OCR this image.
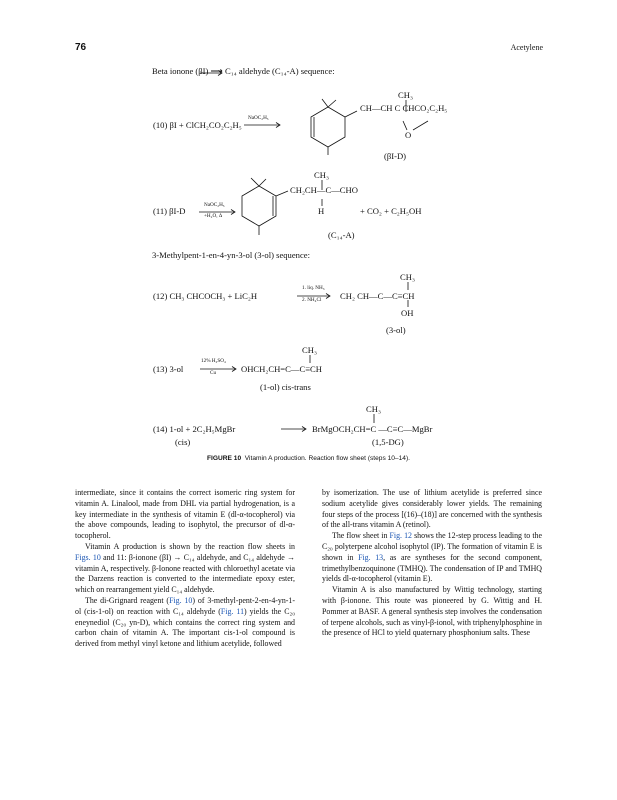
76	Acetylene
Beta ionone (βI) ⟶ C₁₄ aldehyde (C₁₄-A) sequence:
(10) βI + ClCH₂CO₂C₂H₅
NaOC₂H₅
CH₃
CH—CH C CHCO₂C₂H₅
O
(βI-D)
(11) βI-D
NaOC₂H₅
+H₂O, Δ
CH₃
CH₂CH—C—CHO
H	+ CO₂ + C₂H₅OH
(C₁₄-A)
3-Methylpent-1-en-4-yn-3-ol (3-ol) sequence:
(12) CH₃ CHCOCH₃ + LiC₂H
1. liq. NH₃
2. NH₄Cl
CH₃
CH₂ CH—C—C≡CH
OH
(3-ol)
(13) 3-ol
12% H₂SO₄
Cu
CH₃
OHCH₂CH=C—C≡CH
(1-ol) cis-trans
(14) 1-ol + 2C₂H₅MgBr
(cis)
CH₃
BrMgOCH₂CH=C —C≡C—MgBr
(1,5-DG)
FIGURE 10 Vitamin A production. Reaction flow sheet (steps 10–14).

intermediate, since it contains the correct isomeric ring system for vitamin A. Linalool, made from DHL via partial hydrogenation, is a key intermediate in the synthesis of vitamin E (dl-α-tocopherol) via the above compounds, leading to isophytol, the precursor of dl-α-tocopherol.

Vitamin A production is shown by the reaction flow sheets in Figs. 10 and 11: β-ionone (βI) → C₁₄ aldehyde, and C₁₄ aldehyde → vitamin A, respectively. β-Ionone reacted with chloroethyl acetate via the Darzens reaction is converted to the intermediate epoxy ester, which on rearrangement yield C₁₄ aldehyde.

The di-Grignard reagent (Fig. 10) of 3-methyl-pent-2-en-4-yn-1-ol (cis-1-ol) on reaction with C₁₄ aldehyde (Fig. 11) yields the C₂₀ eneynediol (C₂₀ yn-D), which contains the correct ring system and carbon chain of vitamin A. The important cis-1-ol compound is derived from methyl vinyl ketone and lithium acetylide, followed

by isomerization. The use of lithium acetylide is preferred since sodium acetylide gives considerably lower yields. The remaining four steps of the process [(16)–(18)] are concerned with the synthesis of the all-trans vitamin A (retinol).

The flow sheet in Fig. 12 shows the 12-step process leading to the C₂₀ polyterpene alcohol isophytol (IP). The formation of vitamin E is shown in Fig. 13, as are syntheses for the second component, trimethylbenzoquinone (TMHQ). The condensation of IP and TMHQ yields dl-α-tocopherol (vitamin E).

Vitamin A is also manufactured by Wittig technology, starting with β-ionone. This route was pioneered by G. Wittig and H. Pommer at BASF. A general synthesis step involves the condensation of terpene alcohols, such as vinyl-β-ionol, with triphenylphosphine in the presence of HCl to yield quaternary phosphonium salts. These
